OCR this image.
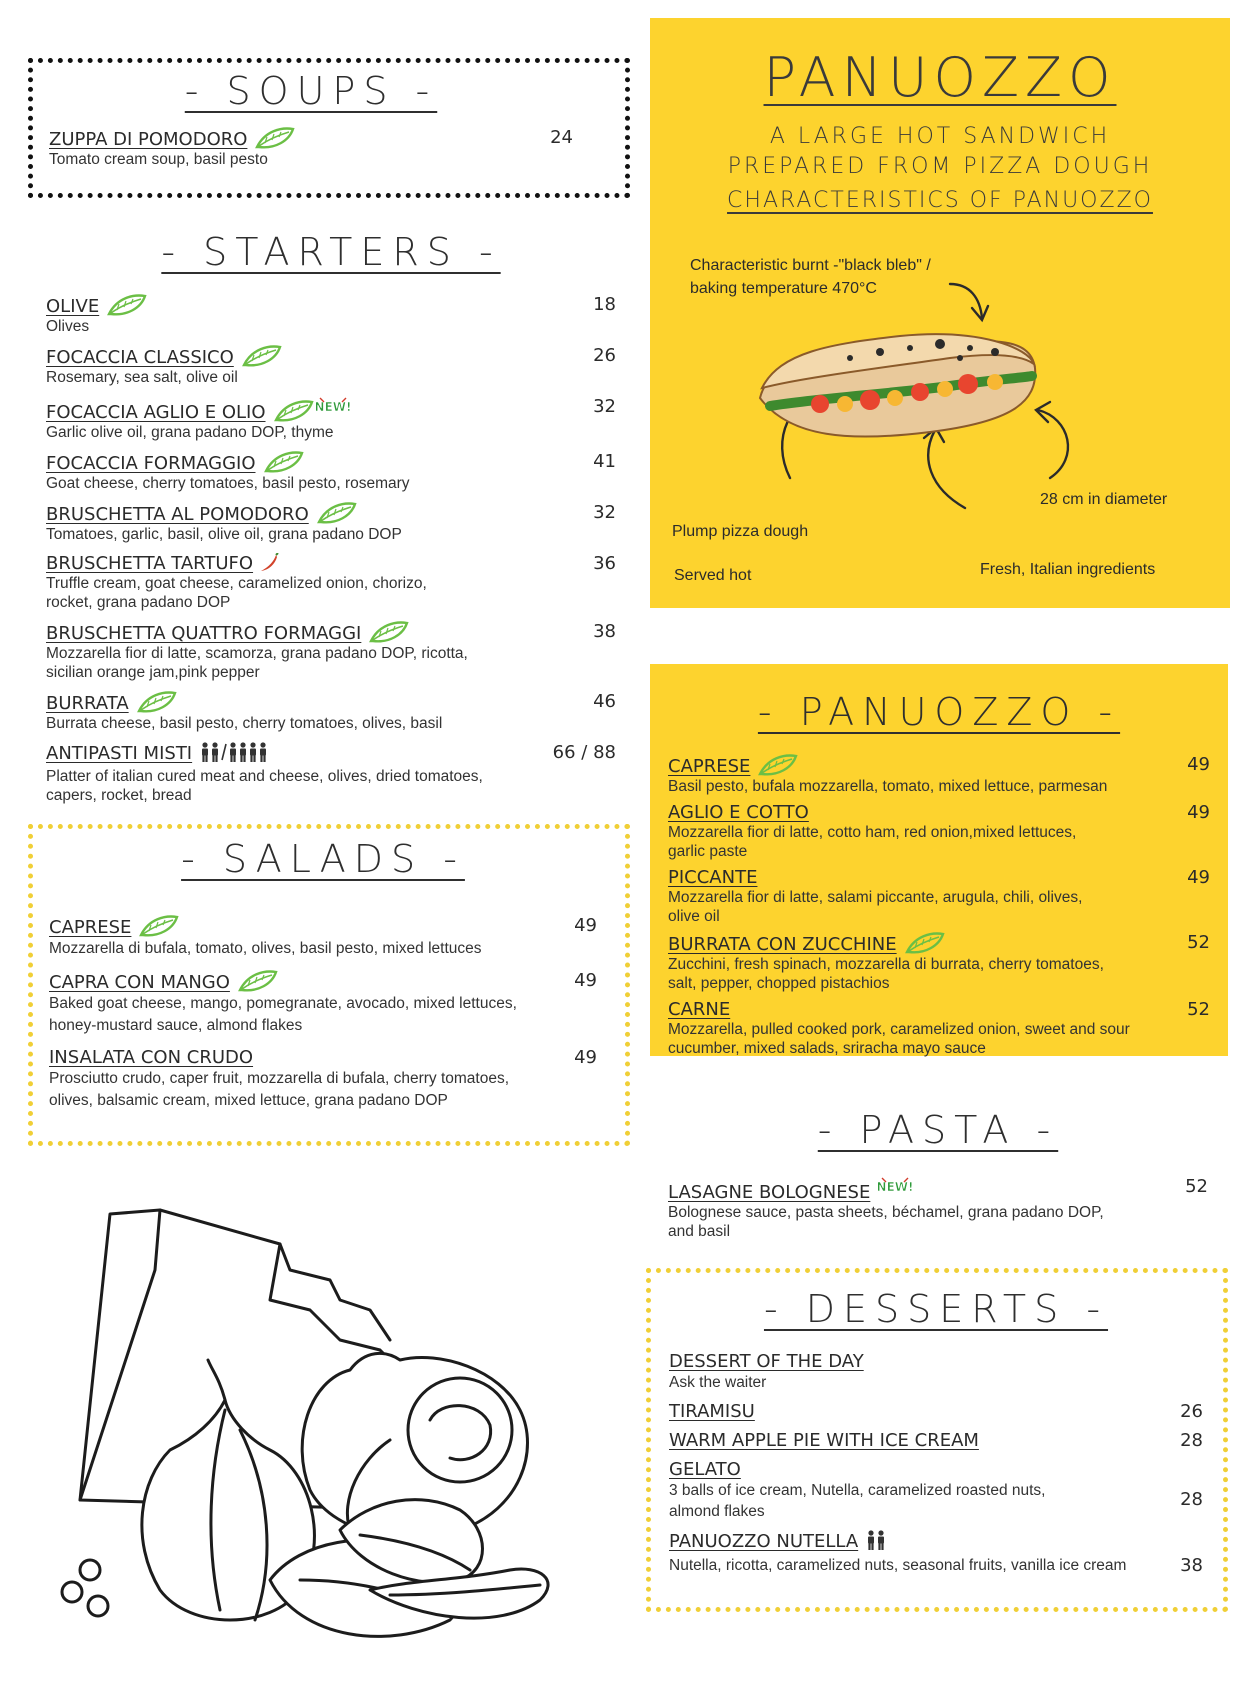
- SOUPS -
ZUPPA DI POMODORO
Tomato cream soup, basil pesto
24
- STARTERS -
OLIVE
Olives
18
FOCACCIA CLASSICO
Rosemary, sea salt, olive oil
26
FOCACCIA AGLIO E OLIO
Garlic olive oil, grana padano DOP, thyme
32
FOCACCIA FORMAGGIO
Goat cheese, cherry tomatoes, basil pesto, rosemary
41
BRUSCHETTA AL POMODORO
Tomatoes, garlic, basil, olive oil, grana padano DOP
32
BRUSCHETTA TARTUFO
Truffle cream, goat cheese, caramelized onion, chorizo,
rocket, grana padano DOP
36
BRUSCHETTA QUATTRO FORMAGGI
Mozzarella fior di latte, scamorza, grana padano DOP, ricotta,
sicilian orange jam,pink pepper
38
BURRATA
Burrata cheese, basil pesto, cherry tomatoes, olives, basil
46
ANTIPASTI MISTI
Platter of italian cured meat and cheese, olives, dried tomatoes,
capers, rocket, bread
66 / 88
- SALADS -
CAPRESE
Mozzarella di bufala, tomato, olives, basil pesto, mixed lettuces
49
CAPRA CON MANGO
Baked goat cheese, mango, pomegranate, avocado, mixed lettuces,
honey-mustard sauce, almond flakes
49
INSALATA CON CRUDO
Prosciutto crudo, caper fruit, mozzarella di bufala, cherry tomatoes,
olives, balsamic cream, mixed lettuce, grana padano DOP
49
PANUOZZO
A LARGE HOT SANDWICH
PREPARED FROM PIZZA DOUGH
CHARACTERISTICS OF PANUOZZO
Characteristic burnt -"black bleb" /
baking temperature 470°C
28 cm in diameter
Plump pizza dough
Served hot	Fresh, Italian ingredients
- PANUOZZO -
CAPRESE
Basil pesto, bufala mozzarella, tomato, mixed lettuce, parmesan
49
AGLIO E COTTO
Mozzarella fior di latte, cotto ham, red onion,mixed lettuces,
garlic paste
49
PICCANTE
Mozzarella fior di latte, salami piccante, arugula, chili, olives,
olive oil
49
BURRATA CON ZUCCHINE
Zucchini, fresh spinach, mozzarella di burrata, cherry tomatoes,
salt, pepper, chopped pistachios
52
CARNE
Mozzarella, pulled cooked pork, caramelized onion, sweet and sour
cucumber, mixed salads, sriracha mayo sauce
52
- PASTA -
LASAGNE BOLOGNESE
Bolognese sauce, pasta sheets, béchamel, grana padano DOP,
and basil
52
- DESSERTS -
DESSERT OF THE DAY
Ask the waiter
TIRAMISU	26
WARM APPLE PIE WITH ICE CREAM	28
GELATO
3 balls of ice cream, Nutella, caramelized roasted nuts,
almond flakes
28
PANUOZZO NUTELLA
Nutella, ricotta, caramelized nuts, seasonal fruits, vanilla ice cream	38
